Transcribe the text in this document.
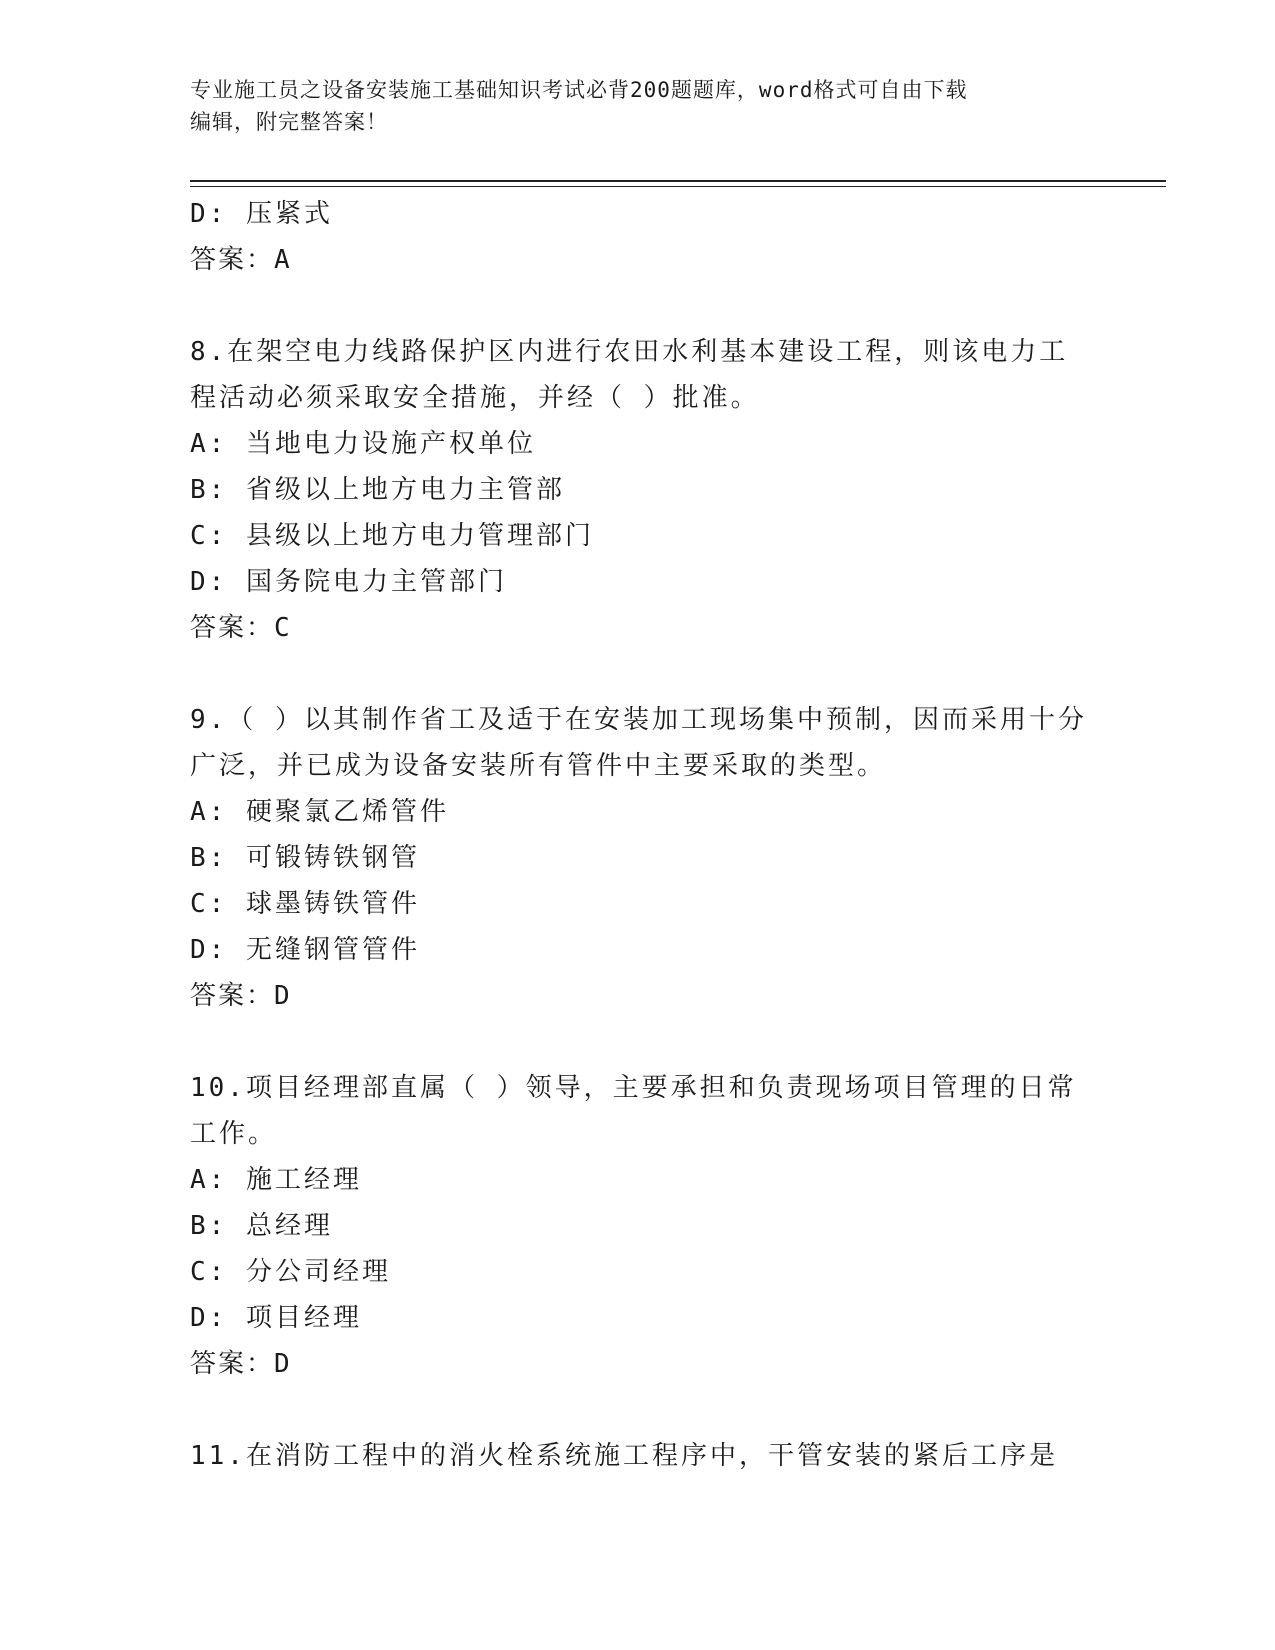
专业施工员之设备安装施工基础知识考试必背200题题库，word格式可自由下载
编辑，附完整答案！
D: 压紧式
答案：A
8.在架空电力线路保护区内进行农田水利基本建设工程，则该电力工
程活动必须采取安全措施，并经（ ）批准。
A: 当地电力设施产权单位
B: 省级以上地方电力主管部
C: 县级以上地方电力管理部门
D: 国务院电力主管部门
答案：C
9.（ ）以其制作省工及适于在安装加工现场集中预制，因而采用十分
广泛，并已成为设备安装所有管件中主要采取的类型。
A: 硬聚氯乙烯管件
B: 可锻铸铁钢管
C: 球墨铸铁管件
D: 无缝钢管管件
答案：D
10.项目经理部直属（ ）领导，主要承担和负责现场项目管理的日常
工作。
A: 施工经理
B: 总经理
C: 分公司经理
D: 项目经理
答案：D
11.在消防工程中的消火栓系统施工程序中，干管安装的紧后工序是
